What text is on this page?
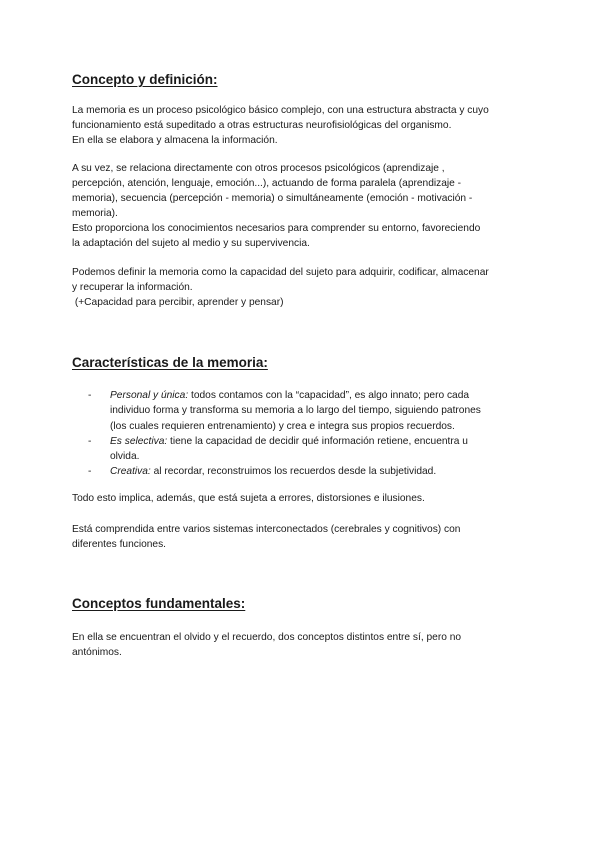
Concepto y definición:

La memoria es un proceso psicológico básico complejo, con una estructura abstracta y cuyo
funcionamiento está supeditado a otras estructuras neurofisiológicas del organismo.
En ella se elabora y almacena la información.

A su vez, se relaciona directamente con otros procesos psicológicos (aprendizaje ,
percepción, atención, lenguaje, emoción...), actuando de forma paralela (aprendizaje -
memoria), secuencia (percepción - memoria) o simultáneamente (emoción - motivación -
memoria).
Esto proporciona los conocimientos necesarios para comprender su entorno, favoreciendo
la adaptación del sujeto al medio y su supervivencia.

Podemos definir la memoria como la capacidad del sujeto para adquirir, codificar, almacenar
y recuperar la información.
(+Capacidad para percibir, aprender y pensar)

Características de la memoria:
- Personal y única: todos contamos con la “capacidad”, es algo innato; pero cada
individuo forma y transforma su memoria a lo largo del tiempo, siguiendo patrones
(los cuales requieren entrenamiento) y crea e integra sus propios recuerdos.
- Es selectiva: tiene la capacidad de decidir qué información retiene, encuentra u
olvida.
- Creativa: al recordar, reconstruimos los recuerdos desde la subjetividad.

Todo esto implica, además, que está sujeta a errores, distorsiones e ilusiones.

Está comprendida entre varios sistemas interconectados (cerebrales y cognitivos) con
diferentes funciones.

Conceptos fundamentales:

En ella se encuentran el olvido y el recuerdo, dos conceptos distintos entre sí, pero no
antónimos.
